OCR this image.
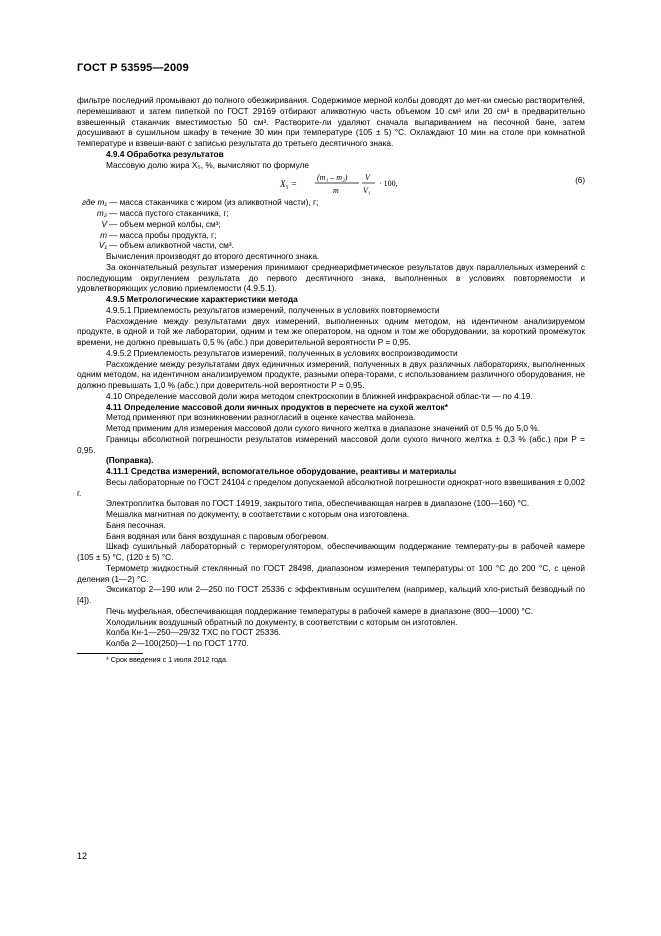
ГОСТ Р 53595—2009

фильтре последний промывают до полного обезжиривания. Содержимое мерной колбы доводят до мет-ки смесью растворителей, перемешивают и затем пипеткой по ГОСТ 29169 отбирают аликвотную часть объемом 10 см³ или 20 см³ в предварительно взвешенный стаканчик вместимостью 50 см³. Растворите-ли удаляют сначала выпариванием на песочной бане, затем досушивают в сушильном шкафу в течение 30 мин при температуре (105 ± 5) °С. Охлаждают 10 мин на столе при комнатной температуре и взвеши-вают с записью результата до третьего десятичного знака.

4.9.4 Обработка результатов

Массовую долю жира X₅, %, вычисляют по формуле

X₅ =
(m₁ – m₂)
m
V
V₁
· 100,	(6)
где m₁ — масса стаканчика с жиром (из аликвотной части), г;
m₂ — масса пустого стаканчика, г;
V — объем мерной колбы, см³;
m — масса пробы продукта, г;
V₁ — объем аликвотной части, см³.

Вычисления производят до второго десятичного знака.

За окончательный результат измерения принимают среднеарифметическое результатов двух параллельных измерений с последующим округлением результата до первого десятичного знака, выполненных в условиях повторяемости и удовлетворяющих условию приемлемости (4.9.5.1).

4.9.5 Метрологические характеристики метода

4.9.5.1 Приемлемость результатов измерений, полученных в условиях повторяемости

Расхождение между результатами двух измерений, выполненных одним методом, на идентичном анализируемом продукте, в одной и той же лаборатории, одним и тем же оператором, на одном и том же оборудовании, за короткий промежуток времени, не должно превышать 0,5 % (абс.) при доверительной вероятности P = 0,95.

4.9.5.2 Приемлемость результатов измерений, полученных в условиях воспроизводимости

Расхождение между результатами двух единичных измерений, полученных в двух различных лабораториях, выполненных одним методом, на идентичном анализируемом продукте, разными опера-торами, с использованием различного оборудования, не должно превышать 1,0 % (абс.) при доверитель-ной вероятности P = 0,95.

4.10 Определение массовой доли жира методом спектроскопии в ближней инфракрасной облас-ти — по 4.19.

4.11 Определение массовой доли яичных продуктов в пересчете на сухой желток*

Метод применяют при возникновении разногласий в оценке качества майонеза.

Метод применим для измерения массовой доли сухого яичного желтка в диапазоне значений от 0,5 % до 5,0 %.

Границы абсолютной погрешности результатов измерений массовой доли сухого яичного желтка ± 0,3 % (абс.) при P = 0,95.

(Поправка).

4.11.1 Средства измерений, вспомогательное оборудование, реактивы и материалы

Весы лабораторные по ГОСТ 24104 с пределом допускаемой абсолютной погрешности однократ-ного взвешивания ± 0,002 г.

Электроплитка бытовая по ГОСТ 14919, закрытого типа, обеспечивающая нагрев в диапазоне (100—160) °С.

Мешалка магнитная по документу, в соответствии с которым она изготовлена.

Баня песочная.

Баня водяная или баня воздушная с паровым обогревом.

Шкаф сушильный лабораторный с терморегулятором, обеспечивающим поддержание температу-ры в рабочей камере (105 ± 5) °С, (120 ± 5) °С.

Термометр жидкостный стеклянный по ГОСТ 28498, диапазоном измерения температуры от 100 °С до 200 °С, с ценой деления (1—2) °С.

Эксикатор 2—190 или 2—250 по ГОСТ 25336 с эффективным осушителем (например, кальций хло-ристый безводный по [4]).

Печь муфельная, обеспечивающая поддержание температуры в рабочей камере в диапазоне (800—1000) °С.

Холодильник воздушный обратный по документу, в соответствии с которым он изготовлен.

Колба Кн-1—250—29/32 ТХС по ГОСТ 25336.

Колба 2—100(250)—1 по ГОСТ 1770.

* Срок введения с 1 июля 2012 года.
12
